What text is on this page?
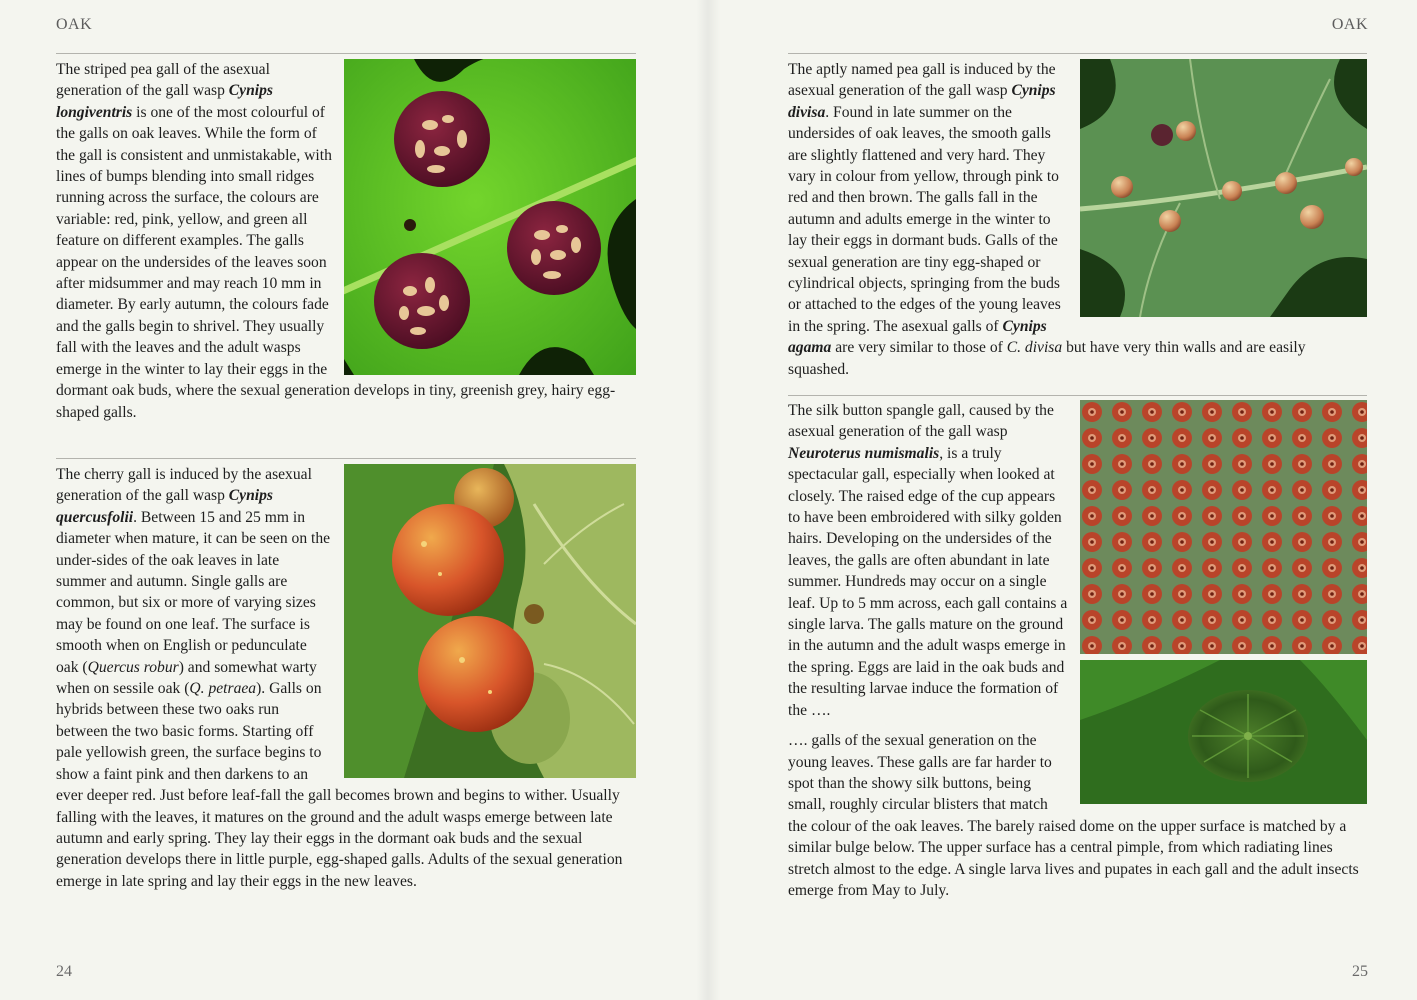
OAK

The striped pea gall of the asexual generation of the gall wasp Cynips longiventris is one of the most colourful of the galls on oak leaves. While the form of the gall is consistent and unmistakable, with lines of bumps blending into small ridges running across the surface, the colours are variable: red, pink, yellow, and green all feature on different examples. The galls appear on the undersides of the leaves soon after midsummer and may reach 10 mm in diameter. By early autumn, the colours fade and the galls begin to shrivel. They usually fall with the leaves and the adult wasps emerge in the winter to lay their eggs in the dormant oak buds, where the sexual generation develops in tiny, greenish grey, hairy egg-shaped galls.

The cherry gall is induced by the asexual generation of the gall wasp Cynips quercusfolii. Between 15 and 25 mm in diameter when mature, it can be seen on the under-sides of the oak leaves in late summer and autumn. Single galls are common, but six or more of varying sizes may be found on one leaf. The surface is smooth when on English or pedunculate oak (Quercus robur) and somewhat warty when on sessile oak (Q. petraea). Galls on hybrids between these two oaks run between the two basic forms. Starting off pale yellowish green, the surface begins to show a faint pink and then darkens to an ever deeper red. Just before leaf-fall the gall becomes brown and begins to wither. Usually falling with the leaves, it matures on the ground and the adult wasps emerge between late autumn and early spring. They lay their eggs in the dormant oak buds and the sexual generation develops there in little purple, egg-shaped galls. Adults of the sexual generation emerge in late spring and lay their eggs in the new leaves.

24
OAK

The aptly named pea gall is induced by the asexual generation of the gall wasp Cynips divisa. Found in late summer on the undersides of oak leaves, the smooth galls are slightly flattened and very hard. They vary in colour from yellow, through pink to red and then brown. The galls fall in the autumn and adults emerge in the winter to lay their eggs in dormant buds. Galls of the sexual generation are tiny egg-shaped or cylindrical objects, springing from the buds or attached to the edges of the young leaves in the spring. The asexual galls of Cynips agama are very similar to those of C. divisa but have very thin walls and are easily squashed.

The silk button spangle gall, caused by the asexual generation of the gall wasp Neuroterus numismalis, is a truly spectacular gall, especially when looked at closely. The raised edge of the cup appears to have been embroidered with silky golden hairs. Developing on the undersides of the leaves, the galls are often abundant in late summer. Hundreds may occur on a single leaf. Up to 5 mm across, each gall contains a single larva. The galls mature on the ground in the autumn and the adult wasps emerge in the spring. Eggs are laid in the oak buds and the resulting larvae induce the formation of the ….

…. galls of the sexual generation on the young leaves. These galls are far harder to spot than the showy silk buttons, being small, roughly circular blisters that match the colour of the oak leaves. The barely raised dome on the upper surface is matched by a similar bulge below. The upper surface has a central pimple, from which radiating lines stretch almost to the edge. A single larva lives and pupates in each gall and the adult insects emerge from May to July.

25
